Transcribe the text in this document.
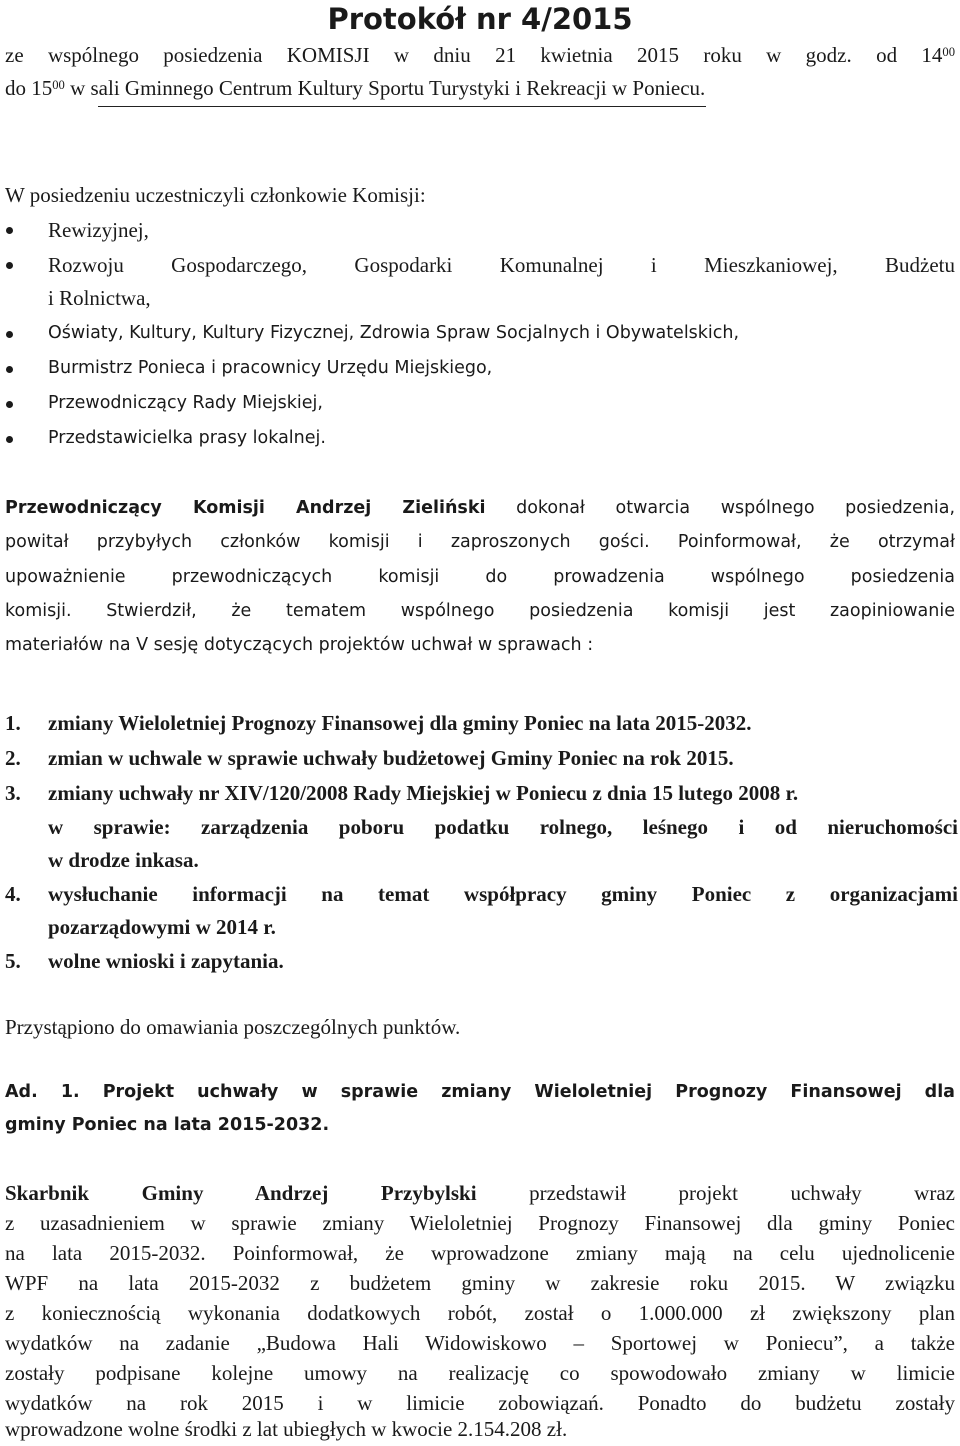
Protokół nr 4/2015
ze wspólnego posiedzenia KOMISJI w dniu 21 kwietnia 2015 roku w godz. od $14^{00}$
do $15^{00}$ w sali Gminnego Centrum Kultury Sportu Turystyki i Rekreacji w Poniecu.
W posiedzeniu uczestniczyli członkowie Komisji:
Rewizyjnej,
Rozwoju Gospodarczego, Gospodarki Komunalnej i Mieszkaniowej, Budżetu
i Rolnictwa,
Oświaty, Kultury, Kultury Fizycznej, Zdrowia Spraw Socjalnych i Obywatelskich,
Burmistrz Ponieca i pracownicy Urzędu Miejskiego,
Przewodniczący Rady Miejskiej,
Przedstawicielka prasy lokalnej.
Przewodniczący Komisji Andrzej Zieliński dokonał otwarcia wspólnego posiedzenia,
powitał przybyłych członków komisji i zaproszonych gości. Poinformował, że otrzymał
upoważnienie przewodniczących komisji do prowadzenia wspólnego posiedzenia
komisji. Stwierdził, że tematem wspólnego posiedzenia komisji jest zaopiniowanie
materiałów na V sesję dotyczących projektów uchwał w sprawach :
1.	zmiany Wieloletniej Prognozy Finansowej dla gminy Poniec na lata 2015-2032.
2.	zmian w uchwale w sprawie uchwały budżetowej Gminy Poniec na rok 2015.
3.	zmiany uchwały nr XIV/120/2008 Rady Miejskiej w Poniecu z dnia 15 lutego 2008 r.
w sprawie: zarządzenia poboru podatku rolnego, leśnego i od nieruchomości
w drodze inkasa.
4.	wysłuchanie informacji na temat współpracy gminy Poniec z organizacjami
pozarządowymi w 2014 r.
5.	wolne wnioski i zapytania.
Przystąpiono do omawiania poszczególnych punktów.
Ad. 1. Projekt uchwały w sprawie zmiany Wieloletniej Prognozy Finansowej dla
gminy Poniec na lata 2015-2032.
Skarbnik Gminy Andrzej Przybylski przedstawił projekt uchwały wraz
z uzasadnieniem w sprawie zmiany Wieloletniej Prognozy Finansowej dla gminy Poniec
na lata 2015-2032. Poinformował, że wprowadzone zmiany mają na celu ujednolicenie
WPF na lata 2015-2032 z budżetem gminy w zakresie roku 2015. W związku
z koniecznością wykonania dodatkowych robót, został o 1.000.000 zł zwiększony plan
wydatków na zadanie „Budowa Hali Widowiskowo – Sportowej w Poniecu”, a także
zostały podpisane kolejne umowy na realizację co spowodowało zmiany w limicie
wydatków na rok 2015 i w limicie zobowiązań. Ponadto do budżetu zostały
wprowadzone wolne środki z lat ubiegłych w kwocie 2.154.208 zł.
